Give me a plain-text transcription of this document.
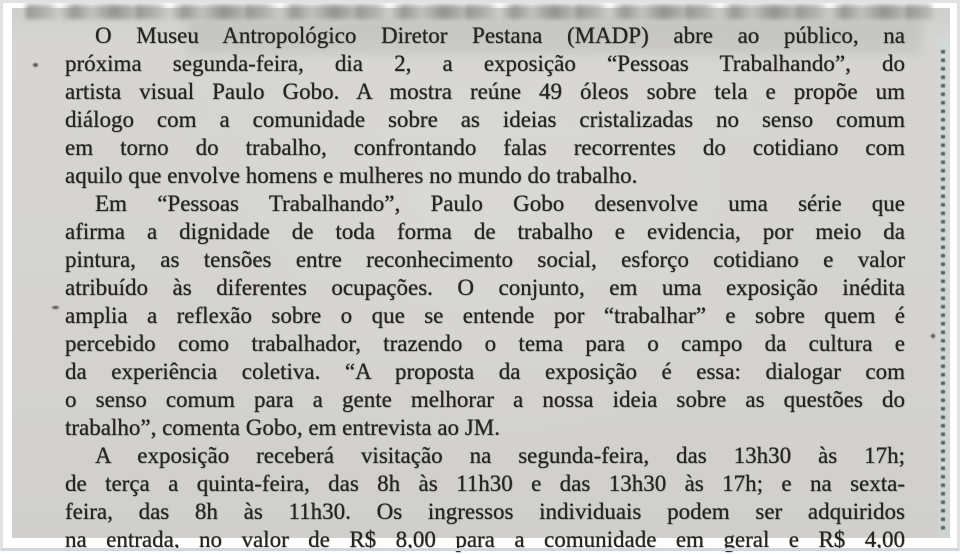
O Museu Antropológico Diretor Pestana (MADP) abre ao público, na

próxima segunda-feira, dia 2, a exposição “Pessoas Trabalhando”, do

artista visual Paulo Gobo. A mostra reúne 49 óleos sobre tela e propõe um

diálogo com a comunidade sobre as ideias cristalizadas no senso comum

em torno do trabalho, confrontando falas recorrentes do cotidiano com

aquilo que envolve homens e mulheres no mundo do trabalho.

Em “Pessoas Trabalhando”, Paulo Gobo desenvolve uma série que

afirma a dignidade de toda forma de trabalho e evidencia, por meio da

pintura, as tensões entre reconhecimento social, esforço cotidiano e valor

atribuído às diferentes ocupações. O conjunto, em uma exposição inédita

amplia a reflexão sobre o que se entende por “trabalhar” e sobre quem é

percebido como trabalhador, trazendo o tema para o campo da cultura e

da experiência coletiva. “A proposta da exposição é essa: dialogar com

o senso comum para a gente melhorar a nossa ideia sobre as questões do

trabalho”, comenta Gobo, em entrevista ao JM.

A exposição receberá visitação na segunda-feira, das 13h30 às 17h;

de terça a quinta-feira, das 8h às 11h30 e das 13h30 às 17h; e na sexta-

feira, das 8h às 11h30. Os ingressos individuais podem ser adquiridos

na entrada, no valor de R$ 8,00 para a comunidade em geral e R$ 4,00
